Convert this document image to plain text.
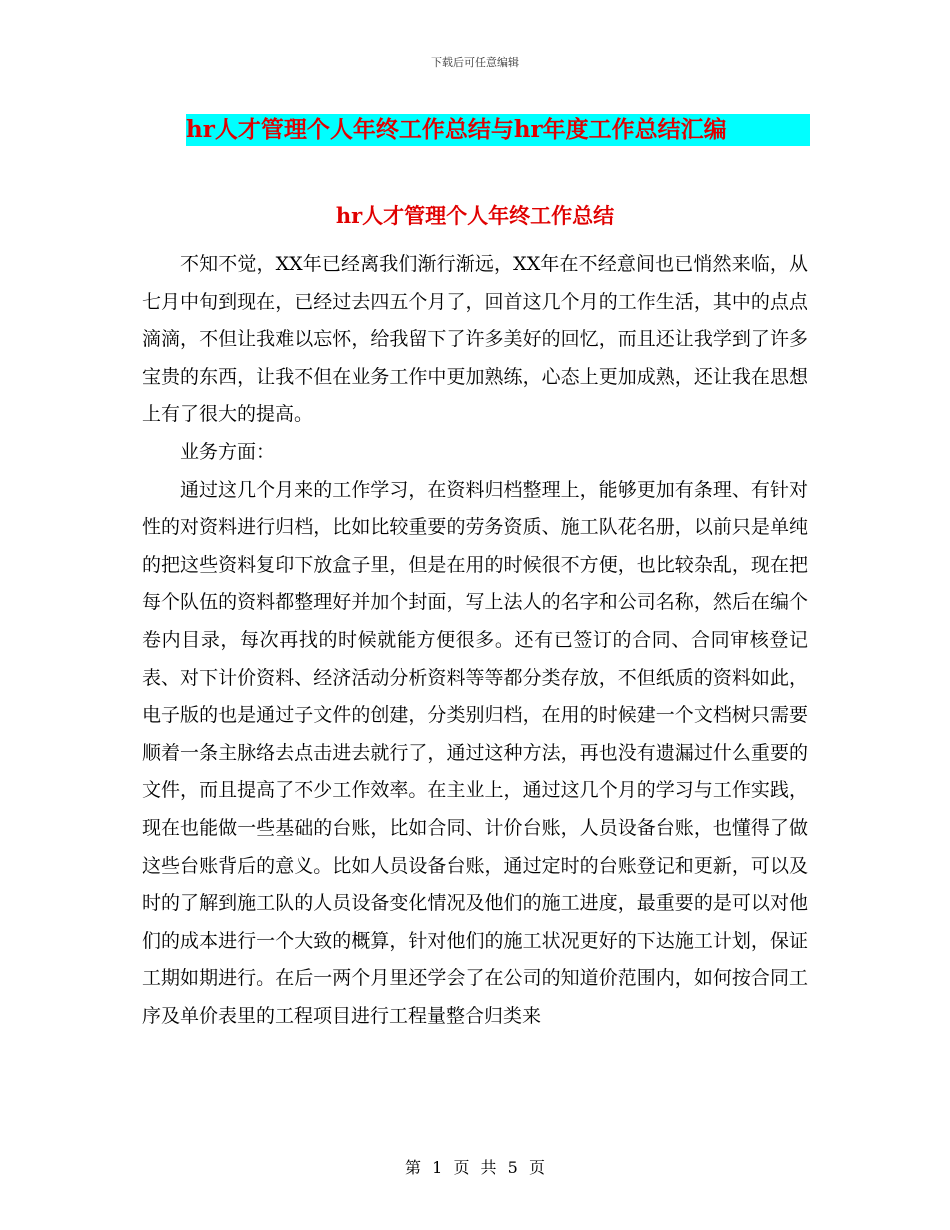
下载后可任意编辑
hr人才管理个人年终工作总结与hr年度工作总结汇编
hr人才管理个人年终工作总结

不知不觉，XX年已经离我们渐行渐远，XX年在不经意间也已悄然来临，从七月中旬到现在，已经过去四五个月了，回首这几个月的工作生活，其中的点点滴滴，不但让我难以忘怀，给我留下了许多美好的回忆，而且还让我学到了许多宝贵的东西，让我不但在业务工作中更加熟练，心态上更加成熟，还让我在思想上有了很大的提高。

业务方面：

通过这几个月来的工作学习，在资料归档整理上，能够更加有条理、有针对性的对资料进行归档，比如比较重要的劳务资质、施工队花名册，以前只是单纯的把这些资料复印下放盒子里，但是在用的时候很不方便，也比较杂乱，现在把每个队伍的资料都整理好并加个封面，写上法人的名字和公司名称，然后在编个卷内目录，每次再找的时候就能方便很多。还有已签订的合同、合同审核登记表、对下计价资料、经济活动分析资料等等都分类存放，不但纸质的资料如此，电子版的也是通过子文件的创建，分类别归档，在用的时候建一个文档树只需要顺着一条主脉络去点击进去就行了，通过这种方法，再也没有遗漏过什么重要的文件，而且提高了不少工作效率。在主业上，通过这几个月的学习与工作实践，现在也能做一些基础的台账，比如合同、计价台账，人员设备台账，也懂得了做这些台账背后的意义。比如人员设备台账，通过定时的台账登记和更新，可以及时的了解到施工队的人员设备变化情况及他们的施工进度，最重要的是可以对他们的成本进行一个大致的概算，针对他们的施工状况更好的下达施工计划，保证工期如期进行。在后一两个月里还学会了在公司的知道价范围内，如何按合同工序及单价表里的工程项目进行工程量整合归类来

第 1 页 共 5 页
